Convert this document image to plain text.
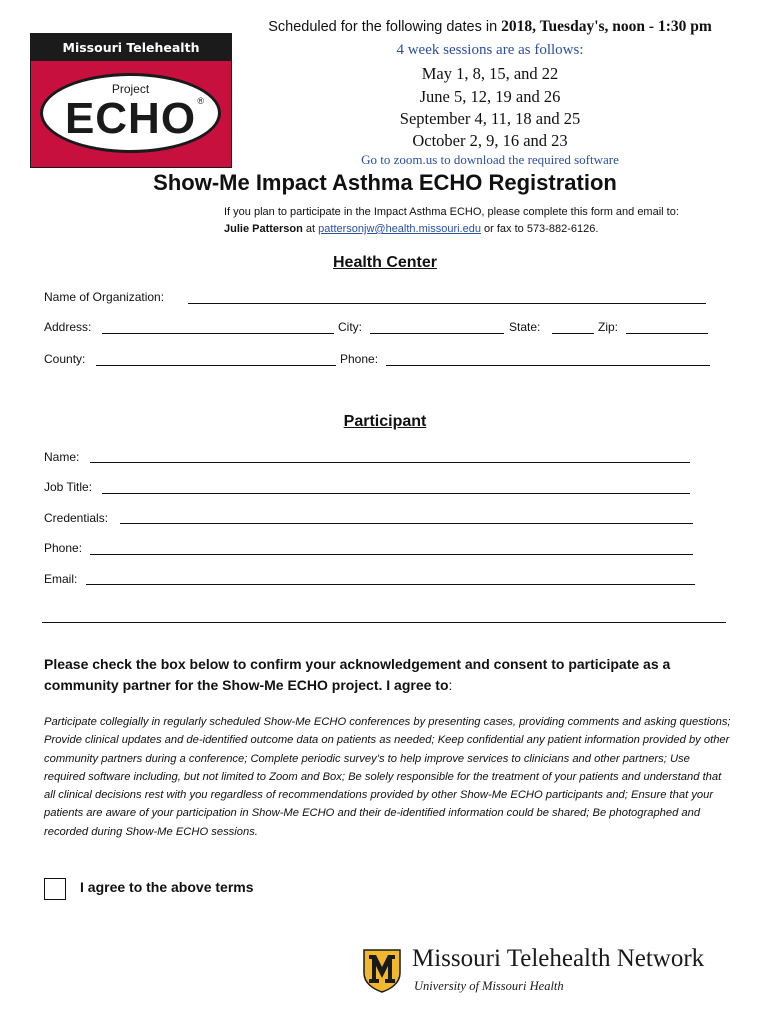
Missouri Telehealth
Project
ECHO ®
Scheduled for the following dates in 2018, Tuesday's, noon - 1:30 pm
4 week sessions are as follows:
May 1, 8, 15, and 22
June 5, 12, 19 and 26
September 4, 11, 18 and 25
October 2, 9, 16 and 23
Go to zoom.us to download the required software
Show-Me Impact Asthma ECHO Registration
If you plan to participate in the Impact Asthma ECHO, please complete this form and email to:
Julie Patterson at pattersonjw@health.missouri.edu or fax to 573-882-6126.
Health Center
Name of Organization:
Address:	City:	State:	Zip:
County:	Phone:
Participant
Name:
Job Title:
Credentials:
Phone:
Email:
Please check the box below to confirm your acknowledgement and consent to participate as a community partner for the Show-Me ECHO project. I agree to:
Participate collegially in regularly scheduled Show-Me ECHO conferences by presenting cases, providing comments and asking questions; Provide clinical updates and de-identified outcome data on patients as needed; Keep confidential any patient information provided by other community partners during a conference; Complete periodic survey’s to help improve services to clinicians and other partners; Use required software including, but not limited to Zoom and Box; Be solely responsible for the treatment of your patients and understand that all clinical decisions rest with you regardless of recommendations provided by other Show-Me ECHO participants and; Ensure that your patients are aware of your participation in Show-Me ECHO and their de-identified information could be shared; Be photographed and recorded during Show-Me ECHO sessions.
I agree to the above terms
Missouri Telehealth Network
University of Missouri Health
